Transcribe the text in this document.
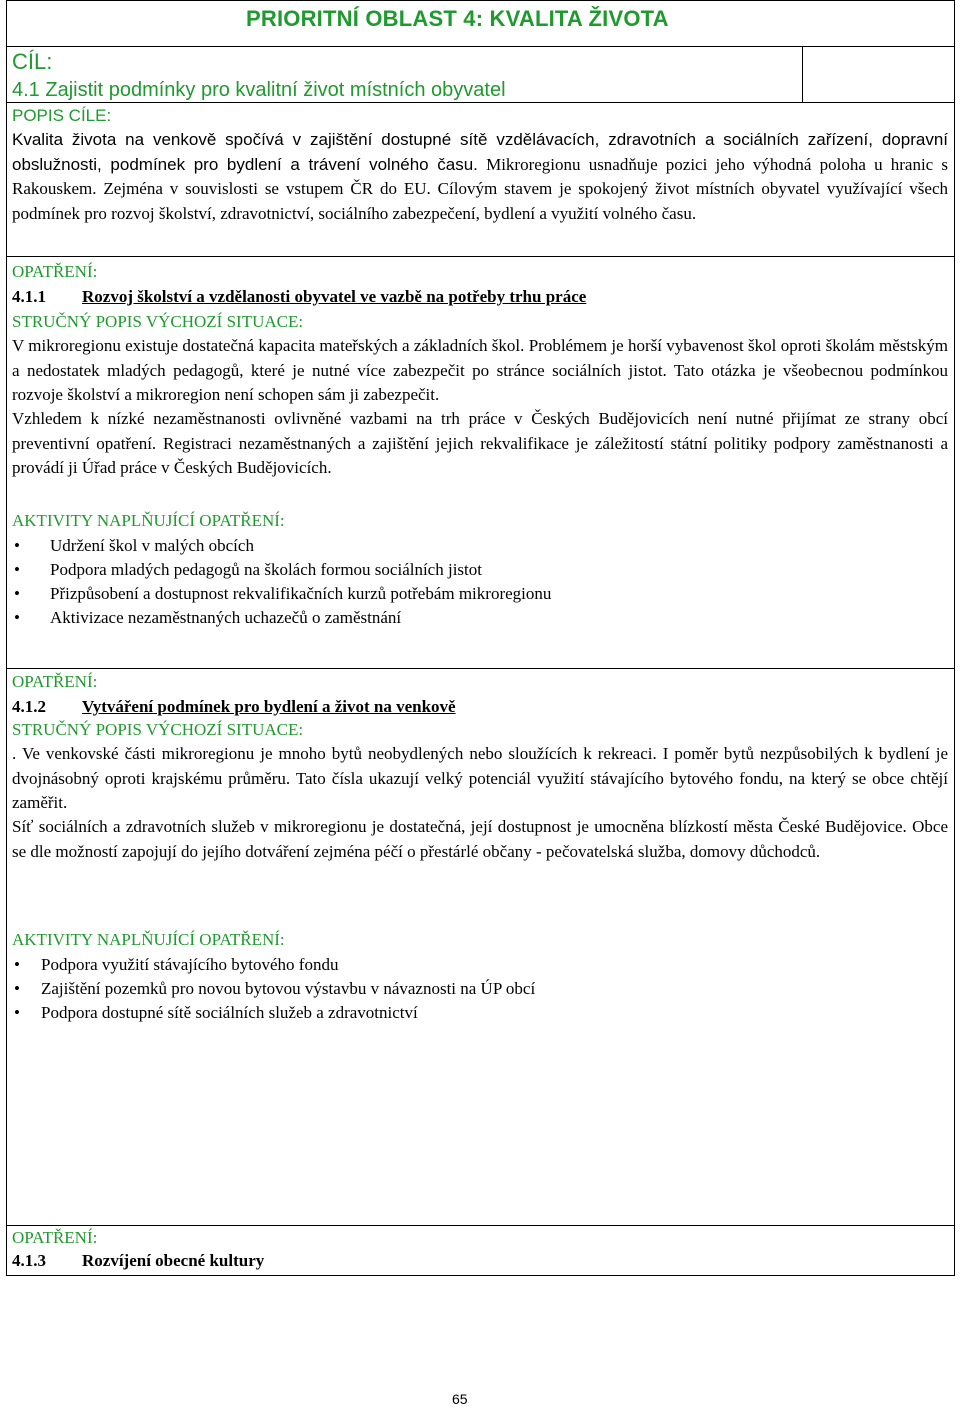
PRIORITNÍ OBLAST 4: KVALITA ŽIVOTA
CÍL:
4.1 Zajistit podmínky pro kvalitní život místních obyvatel
POPIS CÍLE:

Kvalita života na venkově spočívá v zajištění dostupné sítě vzdělávacích, zdravotních a sociálních zařízení, dopravní obslužnosti, podmínek pro bydlení a trávení volného času. Mikroregionu usnadňuje pozici jeho výhodná poloha u hranic s Rakouskem. Zejména v souvislosti se vstupem ČR do EU. Cílovým stavem je spokojený život místních obyvatel využívající všech podmínek pro rozvoj školství, zdravotnictví, sociálního zabezpečení, bydlení a využití volného času.

OPATŘENÍ:
4.1.1 Rozvoj školství a vzdělanosti obyvatel ve vazbě na potřeby trhu práce
STRUČNÝ POPIS VÝCHOZÍ SITUACE:

V mikroregionu existuje dostatečná kapacita mateřských a základních škol. Problémem je horší vybavenost škol oproti školám městským a nedostatek mladých pedagogů, které je nutné více zabezpečit po stránce sociálních jistot. Tato otázka je všeobecnou podmínkou rozvoje školství a mikroregion není schopen sám ji zabezpečit.

Vzhledem k nízké nezaměstnanosti ovlivněné vazbami na trh práce v Českých Budějovicích není nutné přijímat ze strany obcí preventivní opatření. Registraci nezaměstnaných a zajištění jejich rekvalifikace je záležitostí státní politiky podpory zaměstnanosti a provádí ji Úřad práce v Českých Budějovicích.

AKTIVITY NAPLŇUJÍCÍ OPATŘENÍ:
• Udržení škol v malých obcích
• Podpora mladých pedagogů na školách formou sociálních jistot
• Přizpůsobení a dostupnost rekvalifikačních kurzů potřebám mikroregionu
• Aktivizace nezaměstnaných uchazečů o zaměstnání
OPATŘENÍ:
4.1.2 Vytváření podmínek pro bydlení a život na venkově
STRUČNÝ POPIS VÝCHOZÍ SITUACE:

. Ve venkovské části mikroregionu je mnoho bytů neobydlených nebo sloužících k rekreaci. I poměr bytů nezpůsobilých k bydlení je dvojnásobný oproti krajskému průměru. Tato čísla ukazují velký potenciál využití stávajícího bytového fondu, na který se obce chtějí zaměřit.

Síť sociálních a zdravotních služeb v mikroregionu je dostatečná, její dostupnost je umocněna blízkostí města České Budějovice. Obce se dle možností zapojují do jejího dotváření zejména péčí o přestárlé občany - pečovatelská služba, domovy důchodců.

AKTIVITY NAPLŇUJÍCÍ OPATŘENÍ:
• Podpora využití stávajícího bytového fondu
• Zajištění pozemků pro novou bytovou výstavbu v návaznosti na ÚP obcí
• Podpora dostupné sítě sociálních služeb a zdravotnictví
OPATŘENÍ:
4.1.3 Rozvíjení obecné kultury
65
